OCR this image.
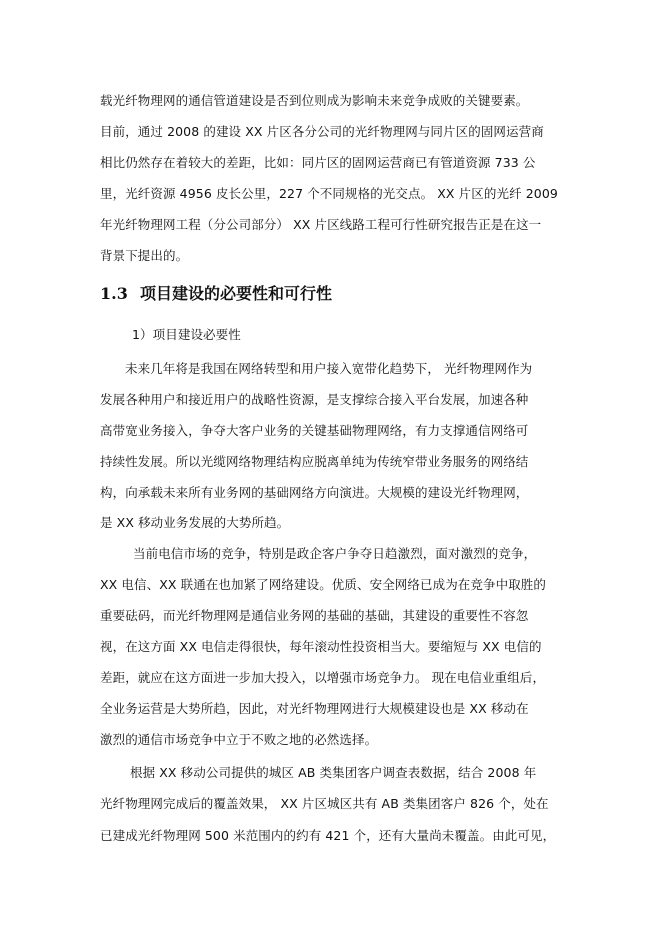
载光纤物理网的通信管道建设是否到位则成为影响未来竞争成败的关键要素。
目前，通过 2008 的建设 XX 片区各分公司的光纤物理网与同片区的固网运营商
相比仍然存在着较大的差距，比如：同片区的固网运营商已有管道资源 733 公
里，光纤资源 4956 皮长公里，227 个不同规格的光交点。 XX 片区的光纤 2009
年光纤物理网工程（分公司部分） XX 片区线路工程可行性研究报告正是在这一
背景下提出的。
1.3 项目建设的必要性和可行性
1）项目建设必要性
未来几年将是我国在网络转型和用户接入宽带化趋势下， 光纤物理网作为
发展各种用户和接近用户的战略性资源，是支撑综合接入平台发展，加速各种
高带宽业务接入，争夺大客户业务的关键基础物理网络，有力支撑通信网络可
持续性发展。所以光缆网络物理结构应脱离单纯为传统窄带业务服务的网络结
构，向承载未来所有业务网的基础网络方向演进。大规模的建设光纤物理网，
是 XX 移动业务发展的大势所趋。
当前电信市场的竞争，特别是政企客户争夺日趋激烈，面对激烈的竞争，
XX 电信、XX 联通在也加紧了网络建设。优质、安全网络已成为在竞争中取胜的
重要砝码，而光纤物理网是通信业务网的基础的基础，其建设的重要性不容忽
视，在这方面 XX 电信走得很快，每年滚动性投资相当大。要缩短与 XX 电信的
差距，就应在这方面进一步加大投入，以增强市场竞争力。 现在电信业重组后，
全业务运营是大势所趋，因此，对光纤物理网进行大规模建设也是 XX 移动在
激烈的通信市场竞争中立于不败之地的必然选择。
根据 XX 移动公司提供的城区 AB 类集团客户调查表数据，结合 2008 年
光纤物理网完成后的覆盖效果， XX 片区城区共有 AB 类集团客户 826 个，处在
已建成光纤物理网 500 米范围内的约有 421 个，还有大量尚未覆盖。由此可见，
